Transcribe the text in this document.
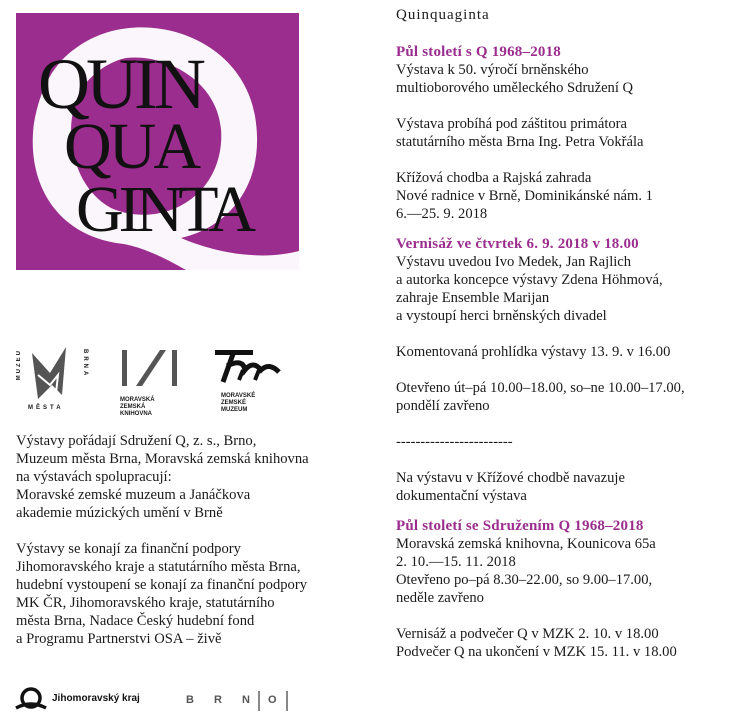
QUIN
QUA
GINTA
MUZEU
MĚSTA
BRNA
MORAVSKÁ
ZEMSKÁ
KNIHOVNA
MORAVSKÉ
ZEMSKÉ
MUZEUM
Výstavy pořádají Sdružení Q, z. s., Brno,
Muzeum města Brna, Moravská zemská knihovna
na výstavách spolupracují:
Moravské zemské muzeum a Janáčkova
akademie múzických umění v Brně
Výstavy se konají za finanční podpory
Jihomoravského kraje a statutárního města Brna,
hudební vystoupení se konají za finanční podpory
MK ČR, Jihomoravského kraje, statutárního
města Brna, Nadace Český hudební fond
a Programu Partnerstvi OSA – živě
Jihomoravský kraj	B R N O
Quinquaginta
Půl století s Q 1968–2018
Výstava k 50. výročí brněnského
multioborového uměleckého Sdružení Q
Výstava probíhá pod záštitou primátora
statutárního města Brna Ing. Petra Vokřála
Křížová chodba a Rajská zahrada
Nové radnice v Brně, Dominikánské nám. 1
6.—25. 9. 2018
Vernisáž ve čtvrtek 6. 9. 2018 v 18.00
Výstavu uvedou Ivo Medek, Jan Rajlich
a autorka koncepce výstavy Zdena Höhmová,
zahraje Ensemble Marijan
a vystoupí herci brněnských divadel
Komentovaná prohlídka výstavy 13. 9. v 16.00
Otevřeno út–pá 10.00–18.00, so–ne 10.00–17.00,
pondělí zavřeno
------------------------
Na výstavu v Křížové chodbě navazuje
dokumentační výstava
Půl století se Sdružením Q 1968–2018
Moravská zemská knihovna, Kounicova 65a
2. 10.—15. 11. 2018
Otevřeno po–pá 8.30–22.00, so 9.00–17.00,
neděle zavřeno
Vernisáž a podvečer Q v MZK 2. 10. v 18.00
Podvečer Q na ukončení v MZK 15. 11. v 18.00
